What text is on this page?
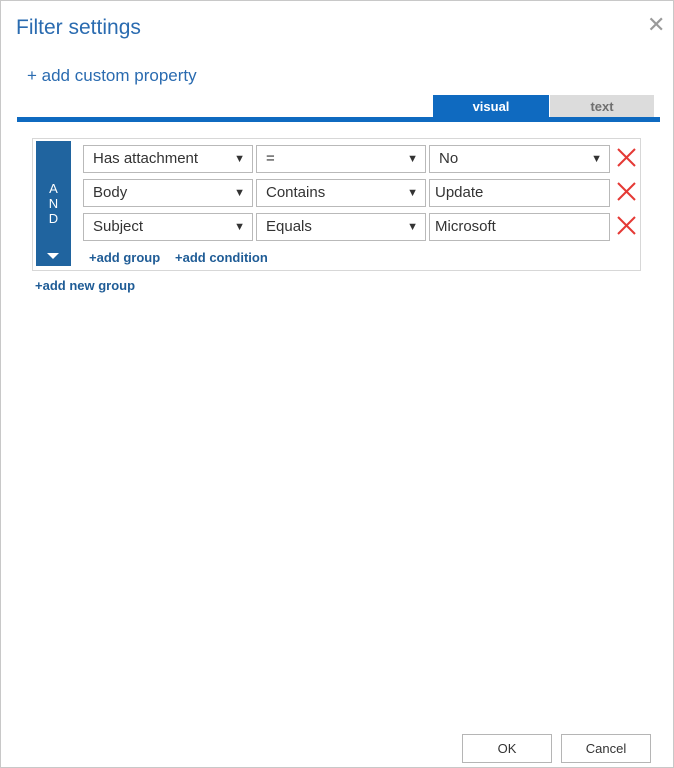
Filter settings	✕
+ add custom property
visual	text
A
N
D
Has attachment	▼	=	▼	No	▼
Body	▼	Contains	▼	Update
Subject	▼	Equals	▼	Microsoft
+add group +add condition
+add new group
OK	Cancel
